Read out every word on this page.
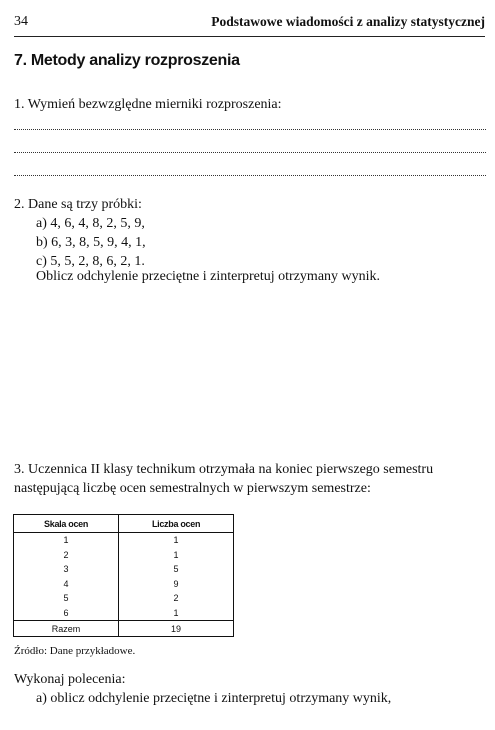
34	Podstawowe wiadomości z analizy statystycznej
7. Metody analizy rozproszenia
1. Wymień bezwzględne mierniki rozproszenia:
2. Dane są trzy próbki:
a) 4, 6, 4, 8, 2, 5, 9,
b) 6, 3, 8, 5, 9, 4, 1,
c) 5, 5, 2, 8, 6, 2, 1.
Oblicz odchylenie przeciętne i zinterpretuj otrzymany wynik.
3. Uczennica II klasy technikum otrzymała na koniec pierwszego semestru
następującą liczbę ocen semestralnych w pierwszym semestrze:
Skala ocen	Liczba ocen
1	1
2	1
3	5
4	9
5	2
6	1
Razem	19
Źródło: Dane przykładowe.
Wykonaj polecenia:
a) oblicz odchylenie przeciętne i zinterpretuj otrzymany wynik,
